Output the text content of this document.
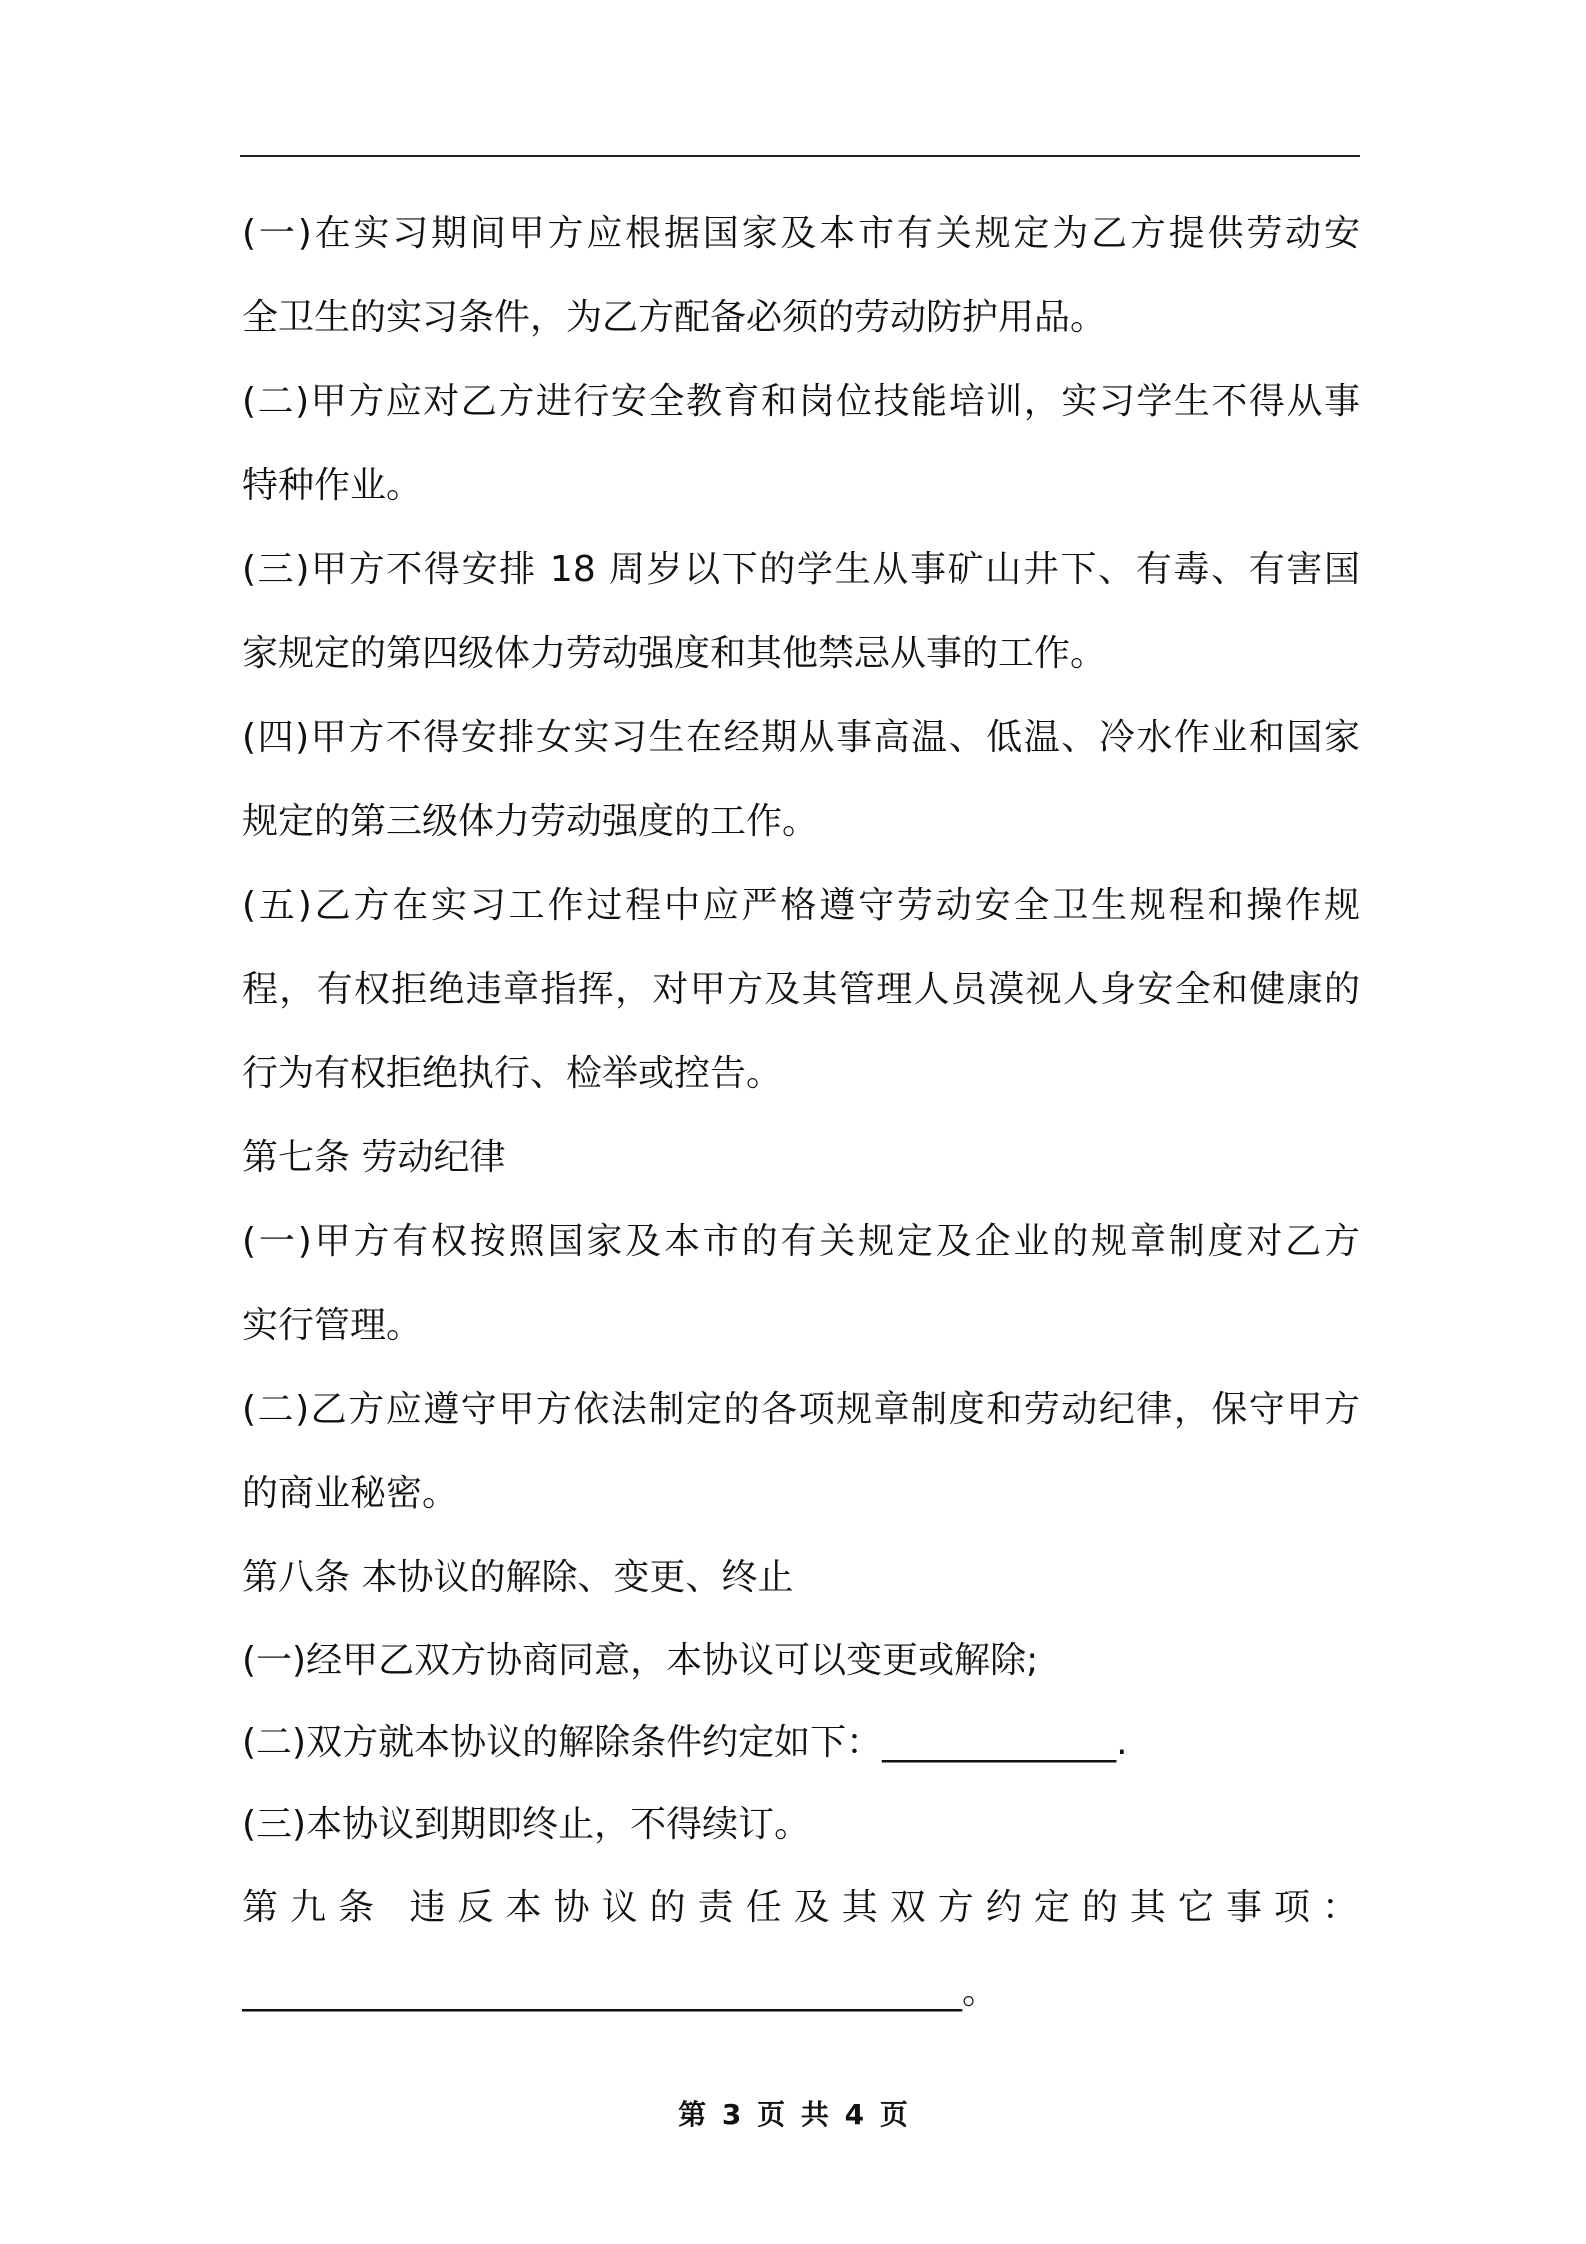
(一)在实习期间甲方应根据国家及本市有关规定为乙方提供劳动安
全卫生的实习条件，为乙方配备必须的劳动防护用品。
(二)甲方应对乙方进行安全教育和岗位技能培训，实习学生不得从事
特种作业。
(三)甲方不得安排 18 周岁以下的学生从事矿山井下、有毒、有害国
家规定的第四级体力劳动强度和其他禁忌从事的工作。
(四)甲方不得安排女实习生在经期从事高温、低温、冷水作业和国家
规定的第三级体力劳动强度的工作。
(五)乙方在实习工作过程中应严格遵守劳动安全卫生规程和操作规
程，有权拒绝违章指挥，对甲方及其管理人员漠视人身安全和健康的
行为有权拒绝执行、检举或控告。
第七条 劳动纪律
(一)甲方有权按照国家及本市的有关规定及企业的规章制度对乙方
实行管理。
(二)乙方应遵守甲方依法制定的各项规章制度和劳动纪律，保守甲方
的商业秘密。
第八条 本协议的解除、变更、终止
(一)经甲乙双方协商同意，本协议可以变更或解除;
(二)双方就本协议的解除条件约定如下：_____________.
(三)本协议到期即终止，不得续订。
第九条 违反本协议的责任及其双方约定的其它事项：
________________________________________。
第 3 页 共 4 页
